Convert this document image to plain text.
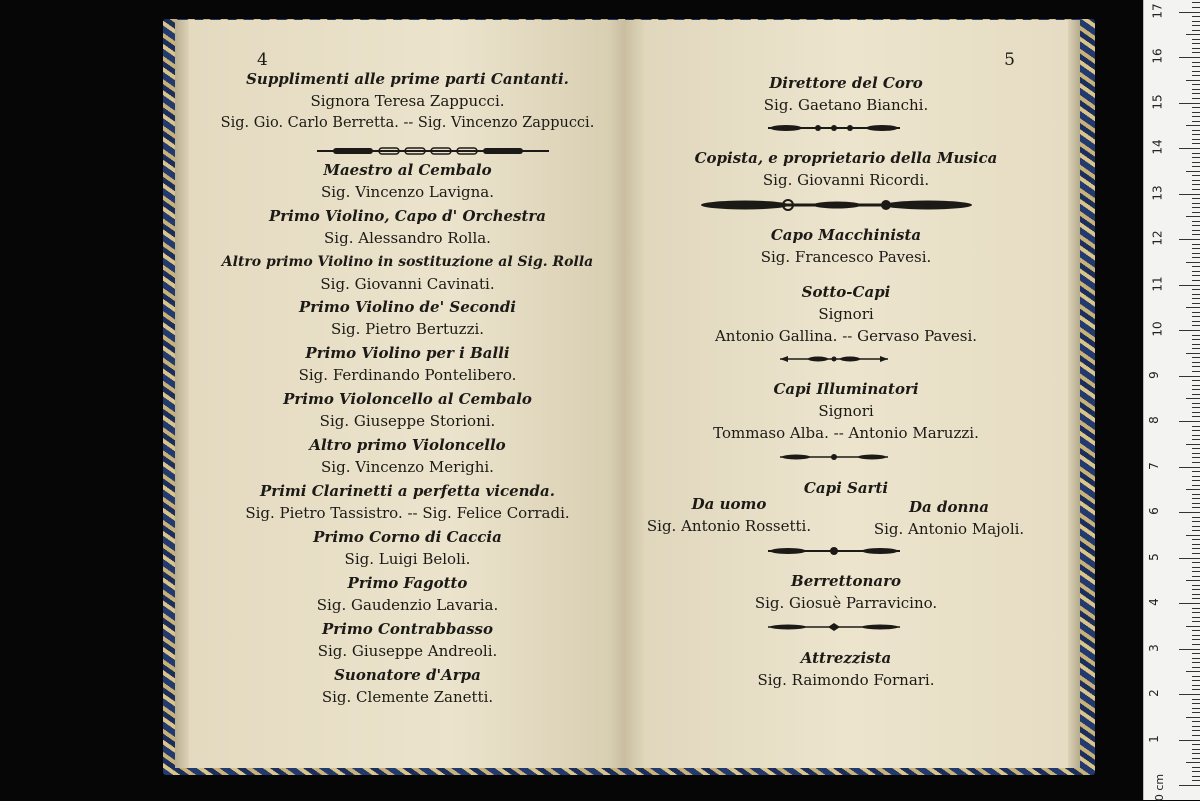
4
Supplimenti alle prime parti Cantanti.
Signora Teresa Zappucci.
Sig. Gio. Carlo Berretta. -- Sig. Vincenzo Zappucci.
Maestro al Cembalo
Sig. Vincenzo Lavigna.
Primo Violino, Capo d' Orchestra
Sig. Alessandro Rolla.
Altro primo Violino in sostituzione al Sig. Rolla
Sig. Giovanni Cavinati.
Primo Violino de' Secondi
Sig. Pietro Bertuzzi.
Primo Violino per i Balli
Sig. Ferdinando Pontelibero.
Primo Violoncello al Cembalo
Sig. Giuseppe Storioni.
Altro primo Violoncello
Sig. Vincenzo Merighi.
Primi Clarinetti a perfetta vicenda.
Sig. Pietro Tassistro. -- Sig. Felice Corradi.
Primo Corno di Caccia
Sig. Luigi Beloli.
Primo Fagotto
Sig. Gaudenzio Lavaria.
Primo Contrabbasso
Sig. Giuseppe Andreoli.
Suonatore d'Arpa
Sig. Clemente Zanetti.
5
Direttore del Coro
Sig. Gaetano Bianchi.
Copista, e proprietario della Musica
Sig. Giovanni Ricordi.
Capo Macchinista
Sig. Francesco Pavesi.
Sotto-Capi
Signori
Antonio Gallina. -- Gervaso Pavesi.
Capi Illuminatori
Signori
Tommaso Alba. -- Antonio Maruzzi.
Capi Sarti
Da uomo
Sig. Antonio Rossetti.
Da donna
Sig. Antonio Majoli.
Berrettonaro
Sig. Giosuè Parravicino.
Attrezzista
Sig. Raimondo Fornari.
0 cm
1
2
3
4
5
6
7
8
9
10
11
12
13
14
15
16
17
